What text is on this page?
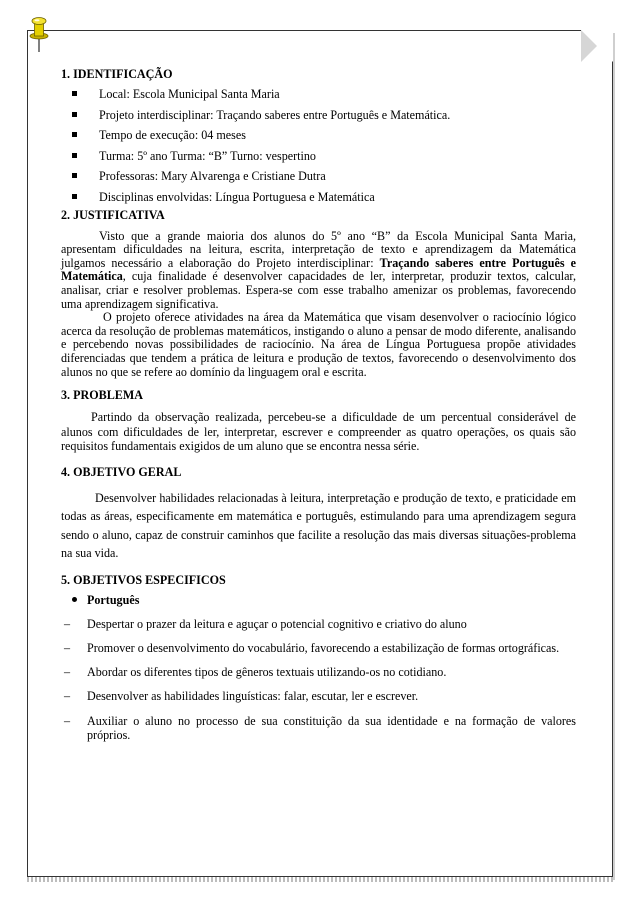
1. IDENTIFICAÇÃO

Local: Escola Municipal Santa Maria
Projeto interdisciplinar: Traçando saberes entre Português e Matemática.
Tempo de execução: 04 meses
Turma: 5º ano Turma: “B” Turno: vespertino
Professoras: Mary Alvarenga e Cristiane Dutra
Disciplinas envolvidas: Língua Portuguesa e Matemática

2. JUSTIFICATIVA

Visto que a grande maioria dos alunos do 5º ano “B” da Escola Municipal Santa Maria, apresentam dificuldades na leitura, escrita, interpretação de texto e aprendizagem da Matemática julgamos necessário a elaboração do Projeto interdisciplinar: Traçando saberes entre Português e Matemática, cuja finalidade é desenvolver capacidades de ler, interpretar, produzir textos, calcular, analisar, criar e resolver problemas. Espera-se com esse trabalho amenizar os problemas, favorecendo uma aprendizagem significativa.

O projeto oferece atividades na área da Matemática que visam desenvolver o raciocínio lógico acerca da resolução de problemas matemáticos, instigando o aluno a pensar de modo diferente, analisando e percebendo novas possibilidades de raciocínio. Na área de Língua Portuguesa propõe atividades diferenciadas que tendem a prática de leitura e produção de textos, favorecendo o desenvolvimento dos alunos no que se refere ao domínio da linguagem oral e escrita.

3. PROBLEMA

Partindo da observação realizada, percebeu-se a dificuldade de um percentual considerável de alunos com dificuldades de ler, interpretar, escrever e compreender as quatro operações, os quais são requisitos fundamentais exigidos de um aluno que se encontra nessa série.

4. OBJETIVO GERAL

Desenvolver habilidades relacionadas à leitura, interpretação e produção de texto, e praticidade em todas as áreas, especificamente em matemática e português, estimulando para uma aprendizagem segura sendo o aluno, capaz de construir caminhos que facilite a resolução das mais diversas situações-problema na sua vida.

5. OBJETIVOS ESPECIFICOS

Português
– Despertar o prazer da leitura e aguçar o potencial cognitivo e criativo do aluno
– Promover o desenvolvimento do vocabulário, favorecendo a estabilização de formas ortográficas.
– Abordar os diferentes tipos de gêneros textuais utilizando-os no cotidiano.
– Desenvolver as habilidades linguísticas: falar, escutar, ler e escrever.
– Auxiliar o aluno no processo de sua constituição da sua identidade e na formação de valores próprios.
